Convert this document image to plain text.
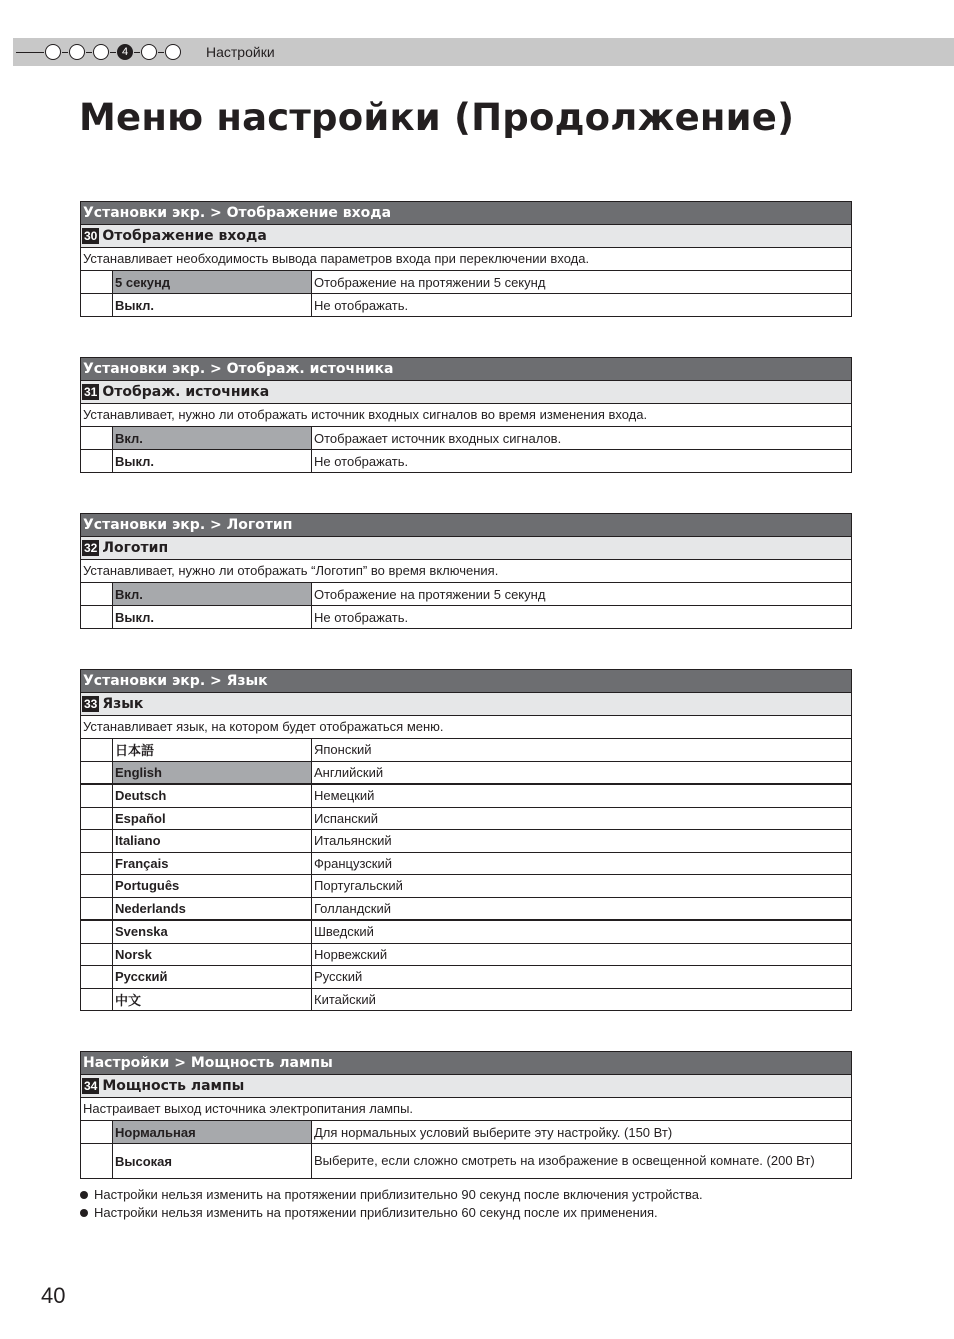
4	Настройки
Меню настройки (Продолжение)
Установки экр. > Отображение входа
30 Отображение входа
Устанавливает необходимость вывода параметров входа при переключении входа.
5 секунд	Отображение на протяжении 5 секунд
Выкл.	Не отображать.
Установки экр. > Отображ. источника
31 Отображ. источника
Устанавливает, нужно ли отображать источник входных сигналов во время изменения входа.
Вкл.	Отображает источник входных сигналов.
Выкл.	Не отображать.
Установки экр. > Логотип
32 Логотип
Устанавливает, нужно ли отображать “Логотип” во время включения.
Вкл.	Отображение на протяжении 5 секунд
Выкл.	Не отображать.
Установки экр. > Язык
33 Язык
Устанавливает язык, на котором будет отображаться меню.
日本語	Японский
English	Английский
Deutsch	Немецкий
Español	Испанский
Italiano	Итальянский
Français	Французский
Português	Португальский
Nederlands	Голландский
Svenska	Шведский
Norsk	Норвежский
Русский	Русский
中文	Китайский
Настройки > Мощность лампы
34 Мощность лампы
Настраивает выход источника электропитания лампы.
Нормальная	Для нормальных условий выберите эту настройку. (150 Вт)
Высокая	Выберите, если сложно смотреть на изображение в освещенной комнате. (200 Вт)
Настройки нельзя изменить на протяжении приблизительно 90 секунд после включения устройства.
Настройки нельзя изменить на протяжении приблизительно 60 секунд после их применения.
40
